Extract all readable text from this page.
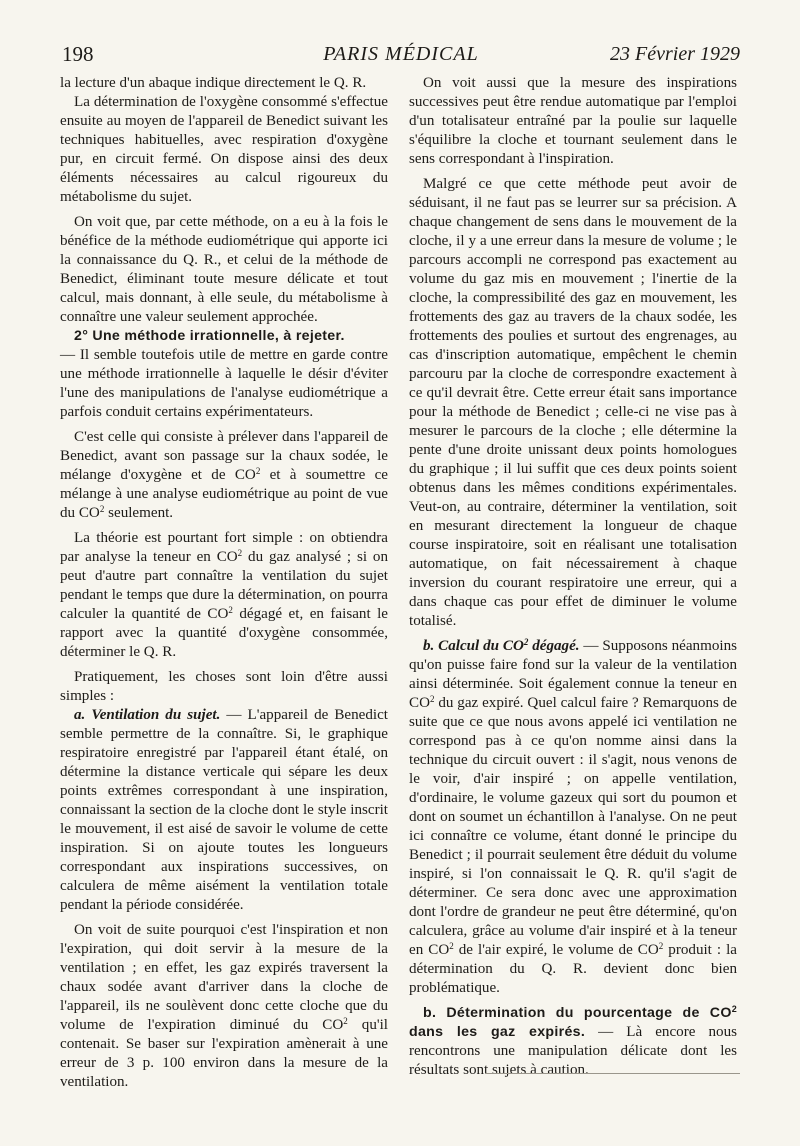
198	PARIS MÉDICAL	23 Février 1929

la lecture d'un abaque indique directement le Q. R.

La détermination de l'oxygène consommé s'effectue ensuite au moyen de l'appareil de Benedict suivant les techniques habituelles, avec respiration d'oxygène pur, en circuit fermé. On dispose ainsi des deux éléments nécessaires au calcul rigoureux du métabolisme du sujet.

On voit que, par cette méthode, on a eu à la fois le bénéfice de la méthode eudiométrique qui apporte ici la connaissance du Q. R., et celui de la méthode de Benedict, éliminant toute mesure délicate et tout calcul, mais donnant, à elle seule, du métabolisme à connaître une valeur seulement approchée.

2° Une méthode irrationnelle, à rejeter.
— Il semble toutefois utile de mettre en garde contre une méthode irrationnelle à laquelle le désir d'éviter l'une des manipulations de l'analyse eudiométrique a parfois conduit certains expérimentateurs.

C'est celle qui consiste à prélever dans l'appareil de Benedict, avant son passage sur la chaux sodée, le mélange d'oxygène et de $CO^2$ et à soumettre ce mélange à une analyse eudiométrique au point de vue du $CO^2$ seulement.

La théorie est pourtant fort simple : on obtiendra par analyse la teneur en $CO^2$ du gaz analysé ; si on peut d'autre part connaître la ventilation du sujet pendant le temps que dure la détermination, on pourra calculer la quantité de $CO^2$ dégagé et, en faisant le rapport avec la quantité d'oxygène consommée, déterminer le Q. R.

Pratiquement, les choses sont loin d'être aussi simples :

a. Ventilation du sujet. — L'appareil de Benedict semble permettre de la connaître. Si, le graphique respiratoire enregistré par l'appareil étant étalé, on détermine la distance verticale qui sépare les deux points extrêmes correspondant à une inspiration, connaissant la section de la cloche dont le style inscrit le mouvement, il est aisé de savoir le volume de cette inspiration. Si on ajoute toutes les longueurs correspondant aux inspirations successives, on calculera de même aisément la ventilation totale pendant la période considérée.

On voit de suite pourquoi c'est l'inspiration et non l'expiration, qui doit servir à la mesure de la ventilation ; en effet, les gaz expirés traversent la chaux sodée avant d'arriver dans la cloche de l'appareil, ils ne soulèvent donc cette cloche que du volume de l'expiration diminué du $CO^2$ qu'il contenait. Se baser sur l'expiration amènerait à une erreur de 3 p. 100 environ dans la mesure de la ventilation.

On voit aussi que la mesure des inspirations successives peut être rendue automatique par l'emploi d'un totalisateur entraîné par la poulie sur laquelle s'équilibre la cloche et tournant seulement dans le sens correspondant à l'inspiration.

Malgré ce que cette méthode peut avoir de séduisant, il ne faut pas se leurrer sur sa précision. A chaque changement de sens dans le mouvement de la cloche, il y a une erreur dans la mesure de volume ; le parcours accompli ne correspond pas exactement au volume du gaz mis en mouvement ; l'inertie de la cloche, la compressibilité des gaz en mouvement, les frottements des gaz au travers de la chaux sodée, les frottements des poulies et surtout des engrenages, au cas d'inscription automatique, empêchent le chemin parcouru par la cloche de correspondre exactement à ce qu'il devrait être. Cette erreur était sans importance pour la méthode de Benedict ; celle-ci ne vise pas à mesurer le parcours de la cloche ; elle détermine la pente d'une droite unissant deux points homologues du graphique ; il lui suffit que ces deux points soient obtenus dans les mêmes conditions expérimentales. Veut-on, au contraire, déterminer la ventilation, soit en mesurant directement la longueur de chaque course inspiratoire, soit en réalisant une totalisation automatique, on fait nécessairement à chaque inversion du courant respiratoire une erreur, qui a dans chaque cas pour effet de diminuer le volume totalisé.

b. Calcul du $CO^2$ dégagé. — Supposons néanmoins qu'on puisse faire fond sur la valeur de la ventilation ainsi déterminée. Soit également connue la teneur en $CO^2$ du gaz expiré. Quel calcul faire ? Remarquons de suite que ce que nous avons appelé ici ventilation ne correspond pas à ce qu'on nomme ainsi dans la technique du circuit ouvert : il s'agit, nous venons de le voir, d'air inspiré ; on appelle ventilation, d'ordinaire, le volume gazeux qui sort du poumon et dont on soumet un échantillon à l'analyse. On ne peut ici connaître ce volume, étant donné le principe du Benedict ; il pourrait seulement être déduit du volume inspiré, si l'on connaissait le Q. R. qu'il s'agit de déterminer. Ce sera donc avec une approximation dont l'ordre de grandeur ne peut être déterminé, qu'on calculera, grâce au volume d'air inspiré et à la teneur en $CO^2$ de l'air expiré, le volume de $CO^2$ produit : la détermination du Q. R. devient donc bien problématique.

b. Détermination du pourcentage de $CO^2$ dans les gaz expirés. — Là encore nous rencontrons une manipulation délicate dont les résultats sont sujets à caution.
